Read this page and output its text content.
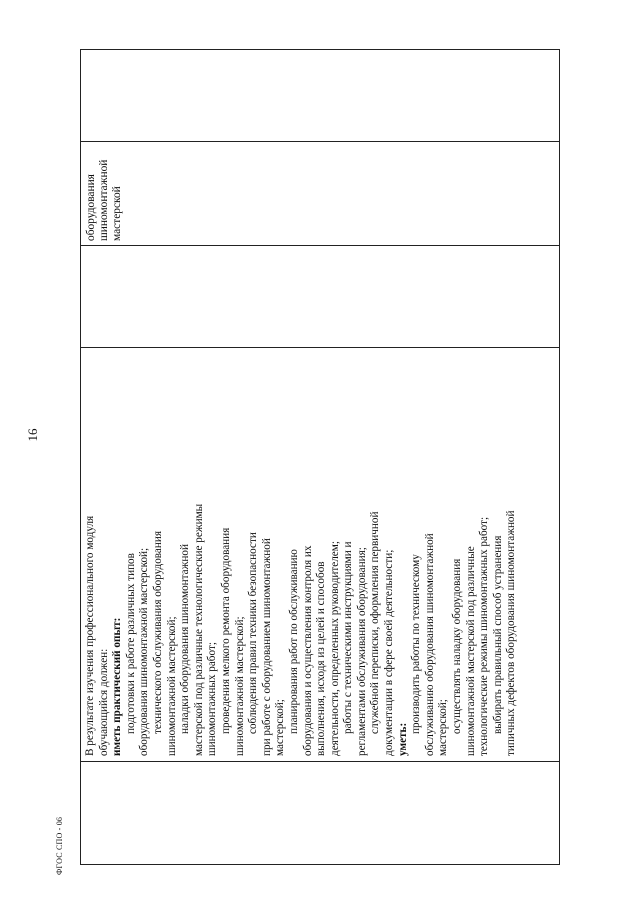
16
ФГОС СПО - 06

В результате изучения профессионального модуля обучающийся должен: иметь практический опыт: подготовки к работе различных типов оборудования шиномонтажной мастерской; технического обслуживания оборудования шиномонтажной мастерской; наладки оборудования шиномонтажной мастерской под различные технологические режимы шиномонтажных работ; проведения мелкого ремонта оборудования шиномонтажной мастерской; соблюдения правил техники безопасности при работе с оборудованием шиномонтажной мастерской; планирования работ по обслуживанию оборудования и осуществления контроля их выполнения, исходя из целей и способов деятельности, определенных руководителем; работы с техническими инструкциями и регламентами обслуживания оборудования; служебной переписки, оформления первичной документации в сфере своей деятельности; уметь:

производить работы по техническому обслуживанию оборудования шиномонтажной мастерской; осуществлять наладку оборудования шиномонтажной мастерской под различные технологические режимы шиномонтажных работ; выбирать правильный способ устранения типичных дефектов оборудования шиномонтажной

оборудования шиномонтажной мастерской
